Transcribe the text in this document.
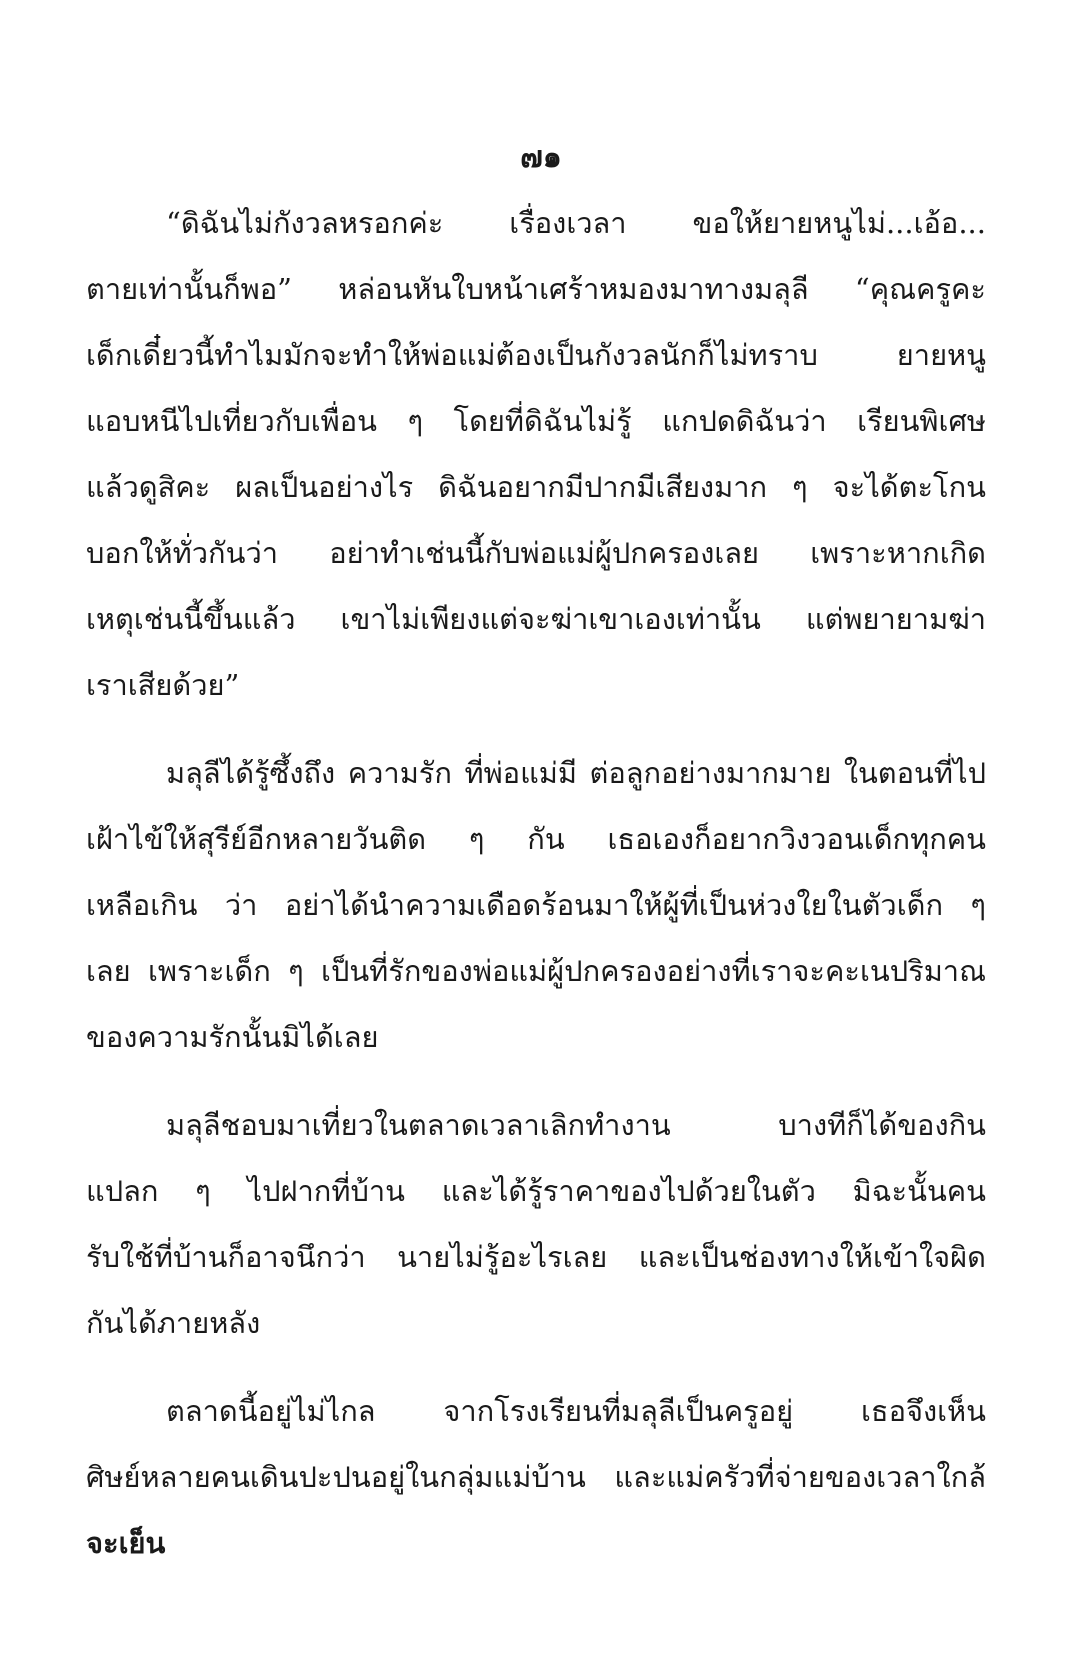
๗๑
“ดิฉันไม่กังวลหรอกค่ะ เรื่องเวลา ขอให้ยายหนูไม่...เอ้อ...
ตายเท่านั้นก็พอ” หล่อนหันใบหน้าเศร้าหมองมาทางมลุลี “คุณครูคะ
เด็กเดี๋ยวนี้ทำไมมักจะทำให้พ่อแม่ต้องเป็นกังวลนักก็ไม่ทราบ ยายหนู
แอบหนีไปเที่ยวกับเพื่อน ๆ โดยที่ดิฉันไม่รู้ แกปดดิฉันว่า เรียนพิเศษ
แล้วดูสิคะ ผลเป็นอย่างไร ดิฉันอยากมีปากมีเสียงมาก ๆ จะได้ตะโกน
บอกให้ทั่วกันว่า อย่าทำเช่นนี้กับพ่อแม่ผู้ปกครองเลย เพราะหากเกิด
เหตุเช่นนี้ขึ้นแล้ว เขาไม่เพียงแต่จะฆ่าเขาเองเท่านั้น แต่พยายามฆ่า
เราเสียด้วย”
มลุลีได้รู้ซึ้งถึง ความรัก ที่พ่อแม่มี ต่อลูกอย่างมากมาย ในตอนที่ไป
เฝ้าไข้ให้สุรีย์อีกหลายวันติด ๆ กัน เธอเองก็อยากวิงวอนเด็กทุกคน
เหลือเกิน ว่า อย่าได้นำความเดือดร้อนมาให้ผู้ที่เป็นห่วงใยในตัวเด็ก ๆ
เลย เพราะเด็ก ๆ เป็นที่รักของพ่อแม่ผู้ปกครองอย่างที่เราจะคะเนปริมาณ
ของความรักนั้นมิได้เลย
มลุลีชอบมาเที่ยวในตลาดเวลาเลิกทำงาน บางทีก็ได้ของกิน
แปลก ๆ ไปฝากที่บ้าน และได้รู้ราคาของไปด้วยในตัว มิฉะนั้นคน
รับใช้ที่บ้านก็อาจนึกว่า นายไม่รู้อะไรเลย และเป็นช่องทางให้เข้าใจผิด
กันได้ภายหลัง
ตลาดนี้อยู่ไม่ไกล จากโรงเรียนที่มลุลีเป็นครูอยู่ เธอจึงเห็น
ศิษย์หลายคนเดินปะปนอยู่ในกลุ่มแม่บ้าน และแม่ครัวที่จ่ายของเวลาใกล้
จะเย็น
